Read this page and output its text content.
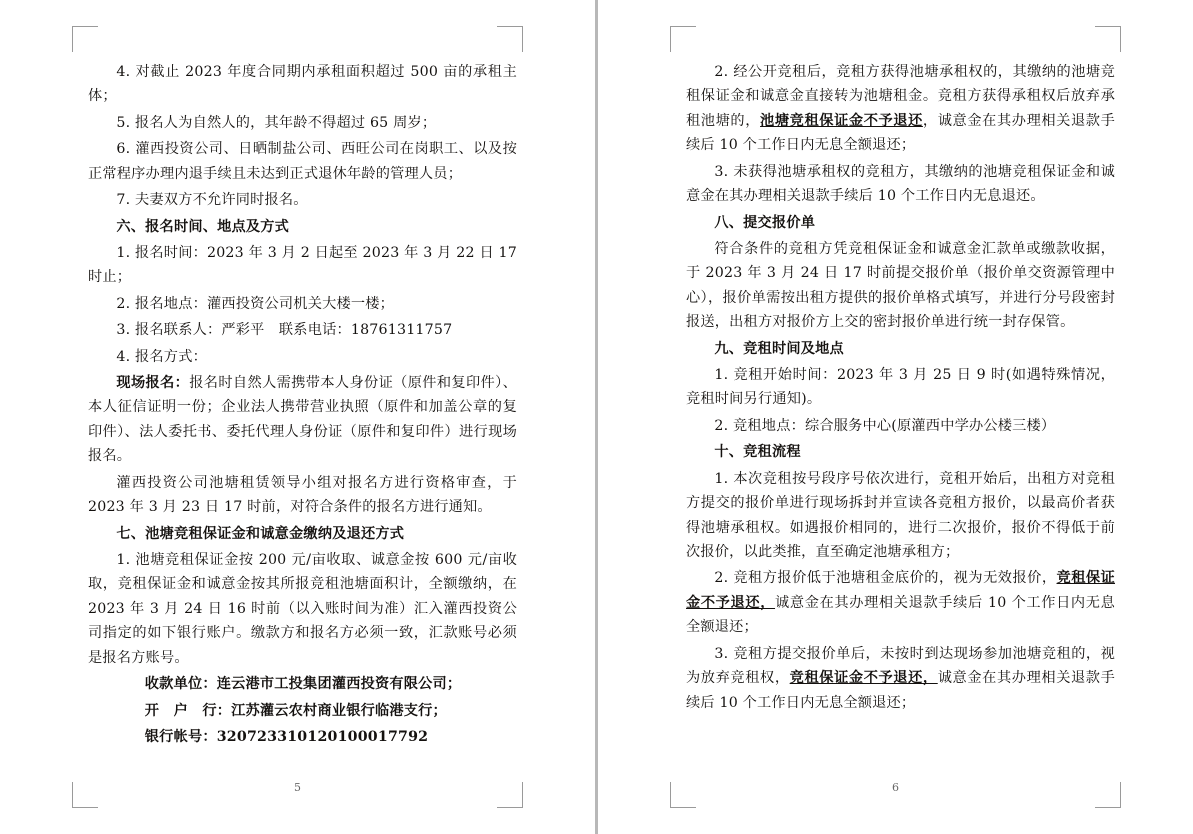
4. 对截止 2023 年度合同期内承租面积超过 500 亩的承租主体；

5. 报名人为自然人的，其年龄不得超过 65 周岁；

6. 灌西投资公司、日晒制盐公司、西旺公司在岗职工、以及按正常程序办理内退手续且未达到正式退休年龄的管理人员；

7. 夫妻双方不允许同时报名。

六、报名时间、地点及方式

1. 报名时间：2023 年 3 月 2 日起至 2023 年 3 月 22 日 17 时止；

2. 报名地点：灌西投资公司机关大楼一楼；

3. 报名联系人：严彩平　联系电话：18761311757

4. 报名方式：

现场报名：报名时自然人需携带本人身份证（原件和复印件）、本人征信证明一份；企业法人携带营业执照（原件和加盖公章的复印件）、法人委托书、委托代理人身份证（原件和复印件）进行现场报名。

灌西投资公司池塘租赁领导小组对报名方进行资格审查，于 2023 年 3 月 23 日 17 时前，对符合条件的报名方进行通知。

七、池塘竞租保证金和诚意金缴纳及退还方式

1. 池塘竞租保证金按 200 元/亩收取、诚意金按 600 元/亩收取，竞租保证金和诚意金按其所报竞租池塘面积计，全额缴纳，在 2023 年 3 月 24 日 16 时前（以入账时间为准）汇入灌西投资公司指定的如下银行账户。缴款方和报名方必须一致，汇款账号必须是报名方账号。

收款单位：连云港市工投集团灌西投资有限公司；

开　户　行：江苏灌云农村商业银行临港支行；

银行帐号：320723310120100017792

5

2. 经公开竞租后，竞租方获得池塘承租权的，其缴纳的池塘竞租保证金和诚意金直接转为池塘租金。竞租方获得承租权后放弃承租池塘的，池塘竞租保证金不予退还，诚意金在其办理相关退款手续后 10 个工作日内无息全额退还；

3. 未获得池塘承租权的竞租方，其缴纳的池塘竞租保证金和诚意金在其办理相关退款手续后 10 个工作日内无息退还。

八、提交报价单

符合条件的竞租方凭竞租保证金和诚意金汇款单或缴款收据，于 2023 年 3 月 24 日 17 时前提交报价单（报价单交资源管理中心），报价单需按出租方提供的报价单格式填写，并进行分号段密封报送，出租方对报价方上交的密封报价单进行统一封存保管。

九、竞租时间及地点

1. 竞租开始时间：2023 年 3 月 25 日 9 时(如遇特殊情况，竞租时间另行通知)。

2. 竞租地点：综合服务中心(原灌西中学办公楼三楼）

十、竞租流程

1. 本次竞租按号段序号依次进行，竞租开始后，出租方对竞租方提交的报价单进行现场拆封并宣读各竞租方报价，以最高价者获得池塘承租权。如遇报价相同的，进行二次报价，报价不得低于前次报价，以此类推，直至确定池塘承租方；

2. 竞租方报价低于池塘租金底价的，视为无效报价，竞租保证金不予退还，诚意金在其办理相关退款手续后 10 个工作日内无息全额退还；

3. 竞租方提交报价单后，未按时到达现场参加池塘竞租的，视为放弃竞租权，竞租保证金不予退还，诚意金在其办理相关退款手续后 10 个工作日内无息全额退还；

6
